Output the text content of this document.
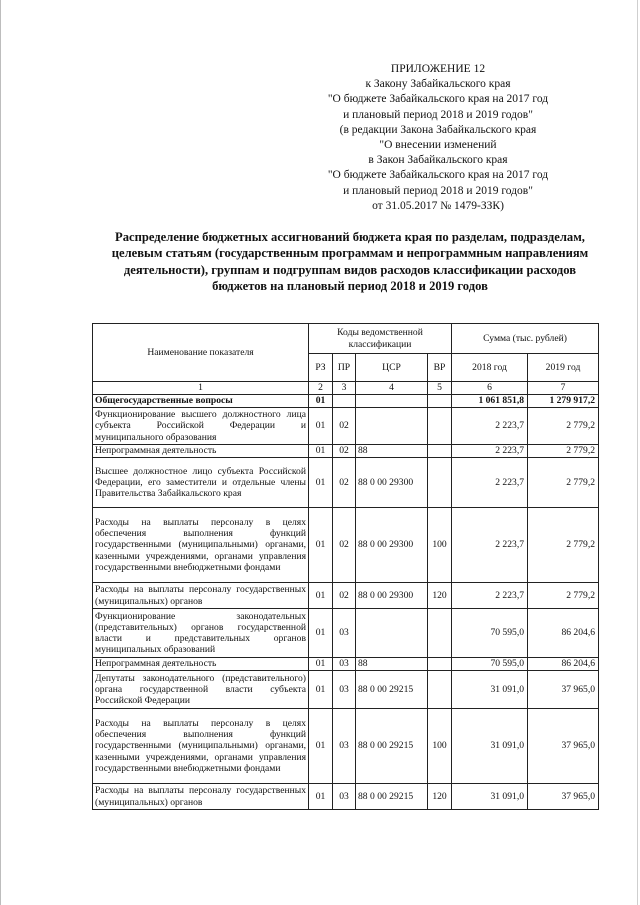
ПРИЛОЖЕНИЕ 12
к Закону Забайкальского края
"О бюджете Забайкальского края на 2017 год
и плановый период 2018 и 2019 годов"
(в редакции Закона Забайкальского края
"О внесении изменений
в Закон Забайкальского края
"О бюджете Забайкальского края на 2017 год
и плановый период 2018 и 2019 годов"
от 31.05.2017 № 1479-ЗЗК)
Распределение бюджетных ассигнований бюджета края по разделам, подразделам, целевым статьям (государственным программам и непрограммным направлениям деятельности), группам и подгруппам видов расходов классификации расходов бюджетов на плановый период 2018 и 2019 годов
Наименование показателя	Коды ведомственной классификации				Сумма (тыс. рублей)	
	РЗ	ПР	ЦСР	ВР	2018 год	2019 год
1	2	3	4	5	6	7
Общегосударственные вопросы	01				1 061 851,8	1 279 917,2
Функционирование высшего должностного лица субъекта Российской Федерации и муниципального образования	01	02			2 223,7	2 779,2
Непрограммная деятельность	01	02	88		2 223,7	2 779,2
Высшее должностное лицо субъекта Российской Федерации, его заместители и отдельные члены Правительства Забайкальского края	01	02	88 0 00 29300		2 223,7	2 779,2
Расходы на выплаты персоналу в целях обеспечения выполнения функций государственными (муниципальными) органами, казенными учреждениями, органами управления государственными внебюджетными фондами	01	02	88 0 00 29300	100	2 223,7	2 779,2
Расходы на выплаты персоналу государственных (муниципальных) органов	01	02	88 0 00 29300	120	2 223,7	2 779,2
Функционирование законодательных (представительных) органов государственной власти и представительных органов муниципальных образований	01	03			70 595,0	86 204,6
Непрограммная деятельность	01	03	88		70 595,0	86 204,6
Депутаты законодательного (представительного) органа государственной власти субъекта Российской Федерации	01	03	88 0 00 29215		31 091,0	37 965,0
Расходы на выплаты персоналу в целях обеспечения выполнения функций государственными (муниципальными) органами, казенными учреждениями, органами управления государственными внебюджетными фондами	01	03	88 0 00 29215	100	31 091,0	37 965,0
Расходы на выплаты персоналу государственных (муниципальных) органов	01	03	88 0 00 29215	120	31 091,0	37 965,0
